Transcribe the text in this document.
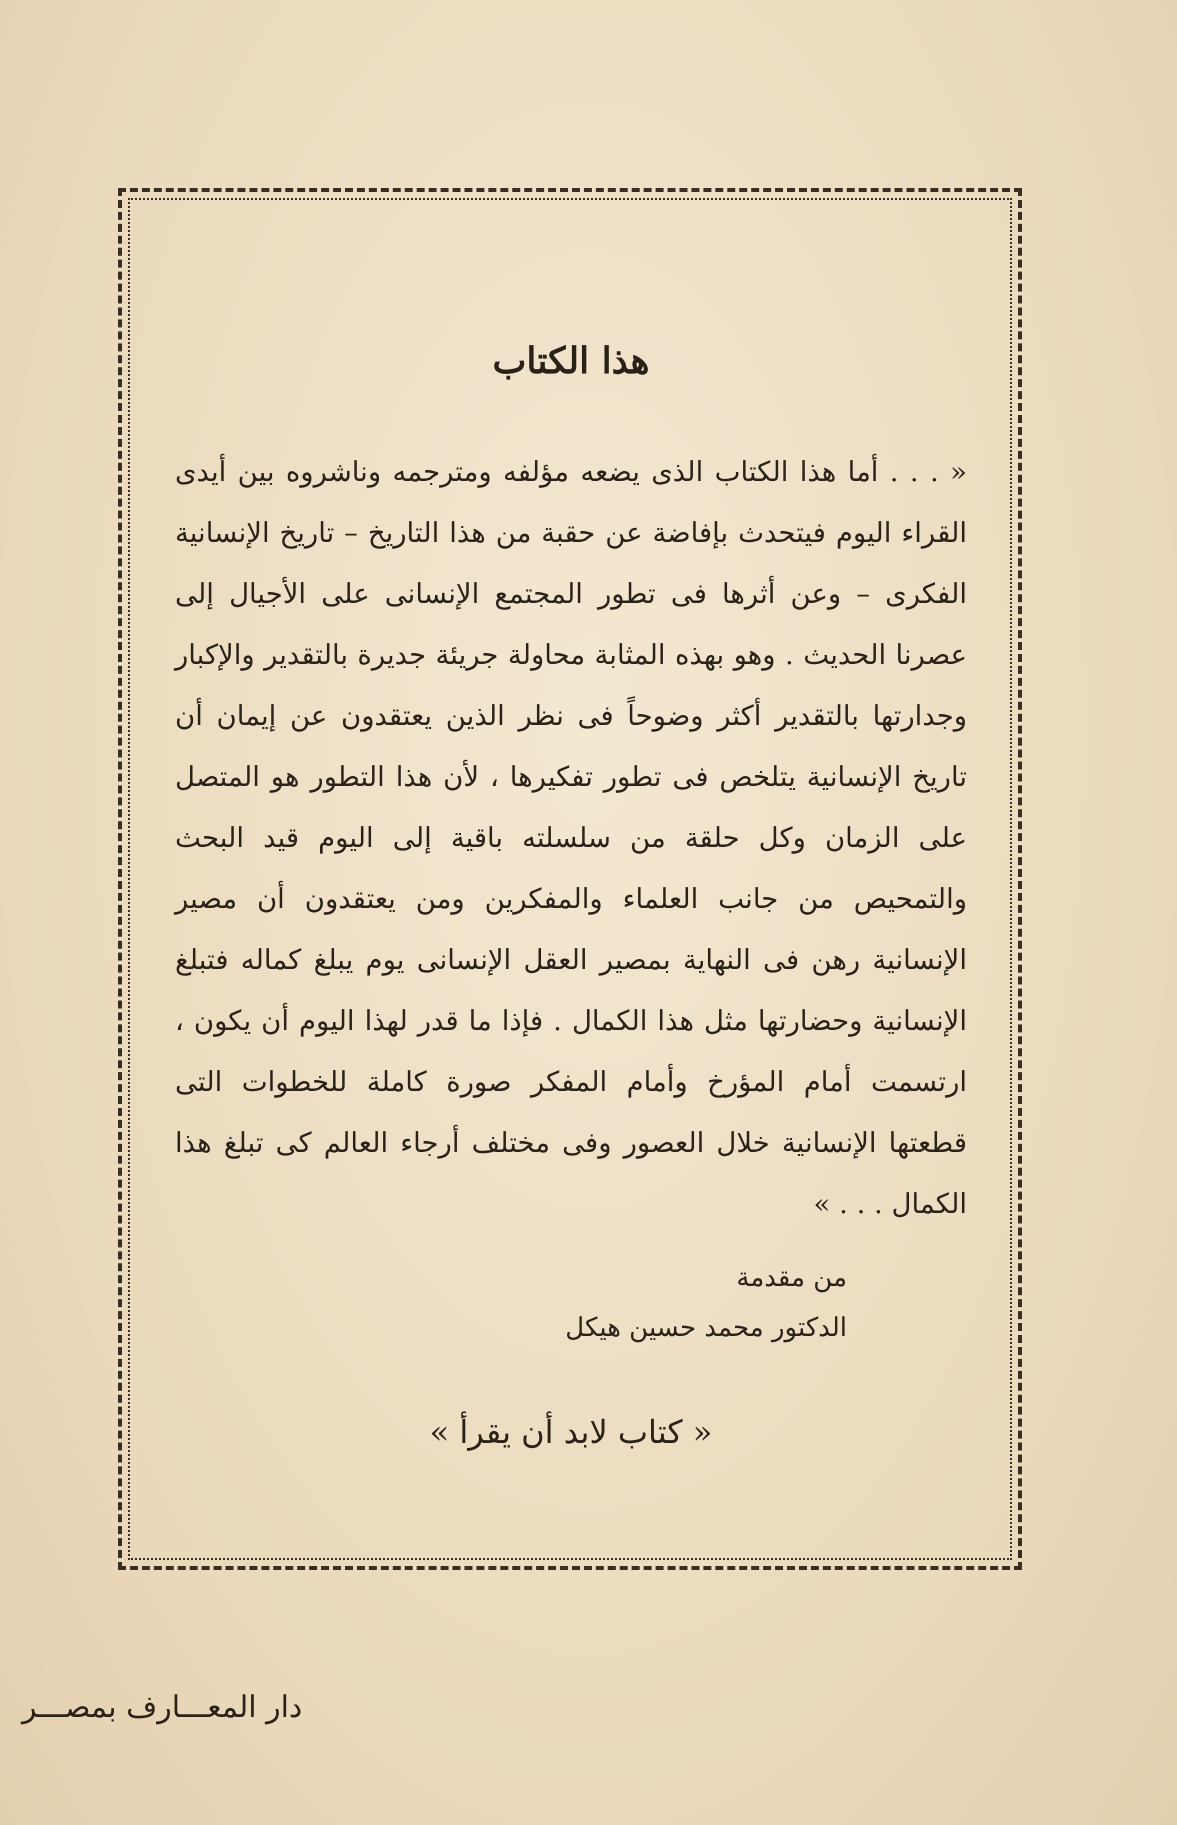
هذا الكتاب

« . . . أما هذا الكتاب الذى يضعه مؤلفه ومترجمه وناشروه بين أيدى القراء اليوم فيتحدث بإفاضة عن حقبة من هذا التاريخ – تاريخ الإنسانية الفكرى – وعن أثرها فى تطور المجتمع الإنسانى على الأجيال إلى عصرنا الحديث . وهو بهذه المثابة محاولة جريئة جديرة بالتقدير والإكبار وجدارتها بالتقدير أكثر وضوحاً فى نظر الذين يعتقدون عن إيمان أن تاريخ الإنسانية يتلخص فى تطور تفكيرها ، لأن هذا التطور هو المتصل على الزمان وكل حلقة من سلسلته باقية إلى اليوم قيد البحث والتمحيص من جانب العلماء والمفكرين ومن يعتقدون أن مصير الإنسانية رهن فى النهاية بمصير العقل الإنسانى يوم يبلغ كماله فتبلغ الإنسانية وحضارتها مثل هذا الكمال . فإذا ما قدر لهذا اليوم أن يكون ، ارتسمت أمام المؤرخ وأمام المفكر صورة كاملة للخطوات التى قطعتها الإنسانية خلال العصور وفى مختلف أرجاء العالم كى تبلغ هذا الكمال . . . »

من مقدمة
الدكتور محمد حسين هيكل
« كتاب لابد أن يقرأ »
دار المعـــارف بمصـــر
